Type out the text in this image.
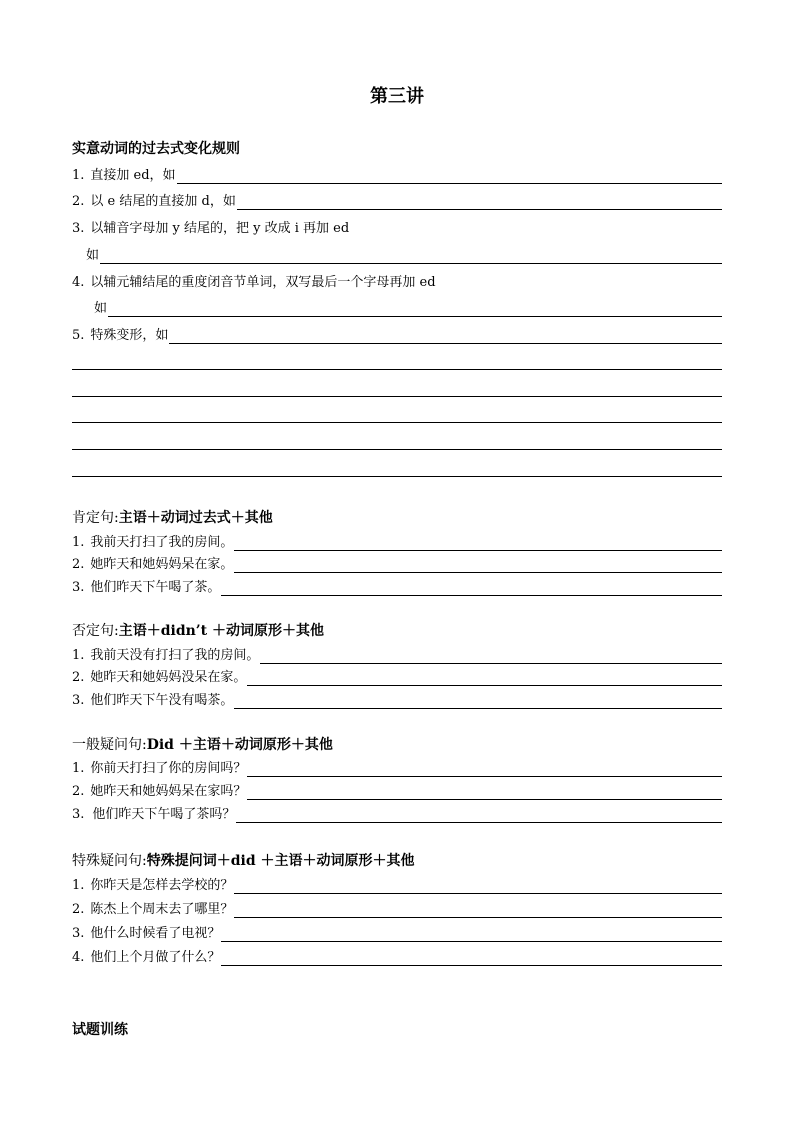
第三讲
实意动词的过去式变化规则
1. 直接加 ed，如
2. 以 e 结尾的直接加 d，如
3. 以辅音字母加 y 结尾的，把 y 改成 i 再加 ed
如
4. 以辅元辅结尾的重度闭音节单词，双写最后一个字母再加 ed
如
5. 特殊变形，如
肯定句:主语＋动词过去式＋其他
1. 我前天打扫了我的房间。
2. 她昨天和她妈妈呆在家。
3. 他们昨天下午喝了茶。
否定句:主语＋didn’t ＋动词原形＋其他
1. 我前天没有打扫了我的房间。
2. 她昨天和她妈妈没呆在家。
3. 他们昨天下午没有喝茶。
一般疑问句:Did ＋主语＋动词原形＋其他
1. 你前天打扫了你的房间吗？
2. 她昨天和她妈妈呆在家吗？
3. 他们昨天下午喝了茶吗？
特殊疑问句:特殊提问词＋did ＋主语＋动词原形＋其他
1. 你昨天是怎样去学校的？
2. 陈杰上个周末去了哪里？
3. 他什么时候看了电视？
4. 他们上个月做了什么？
试题训练
